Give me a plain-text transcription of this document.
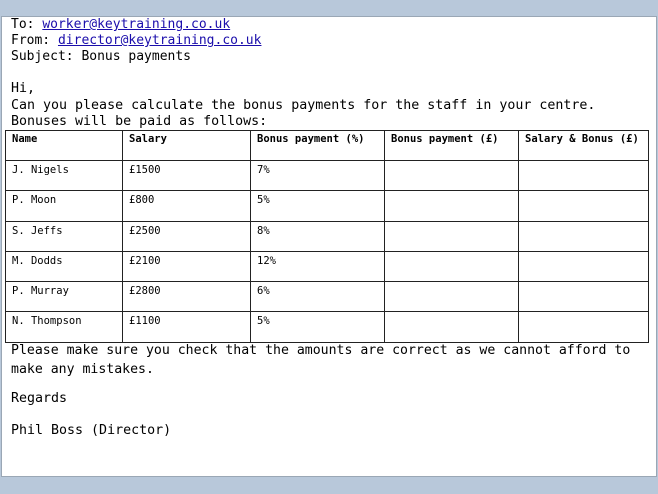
To: worker@keytraining.co.uk
From: director@keytraining.co.uk
Subject: Bonus payments
Hi,
Can you please calculate the bonus payments for the staff in your centre.
Bonuses will be paid as follows:
Name	Salary	Bonus payment (%)	Bonus payment (£)	Salary & Bonus (£)
J. Nigels	£1500	7%		
P. Moon	£800	5%		
S. Jeffs	£2500	8%		
M. Dodds	£2100	12%		
P. Murray	£2800	6%		
N. Thompson	£1100	5%		
Please make sure you check that the amounts are correct as we cannot afford to make any mistakes.
Regards
Phil Boss (Director)
